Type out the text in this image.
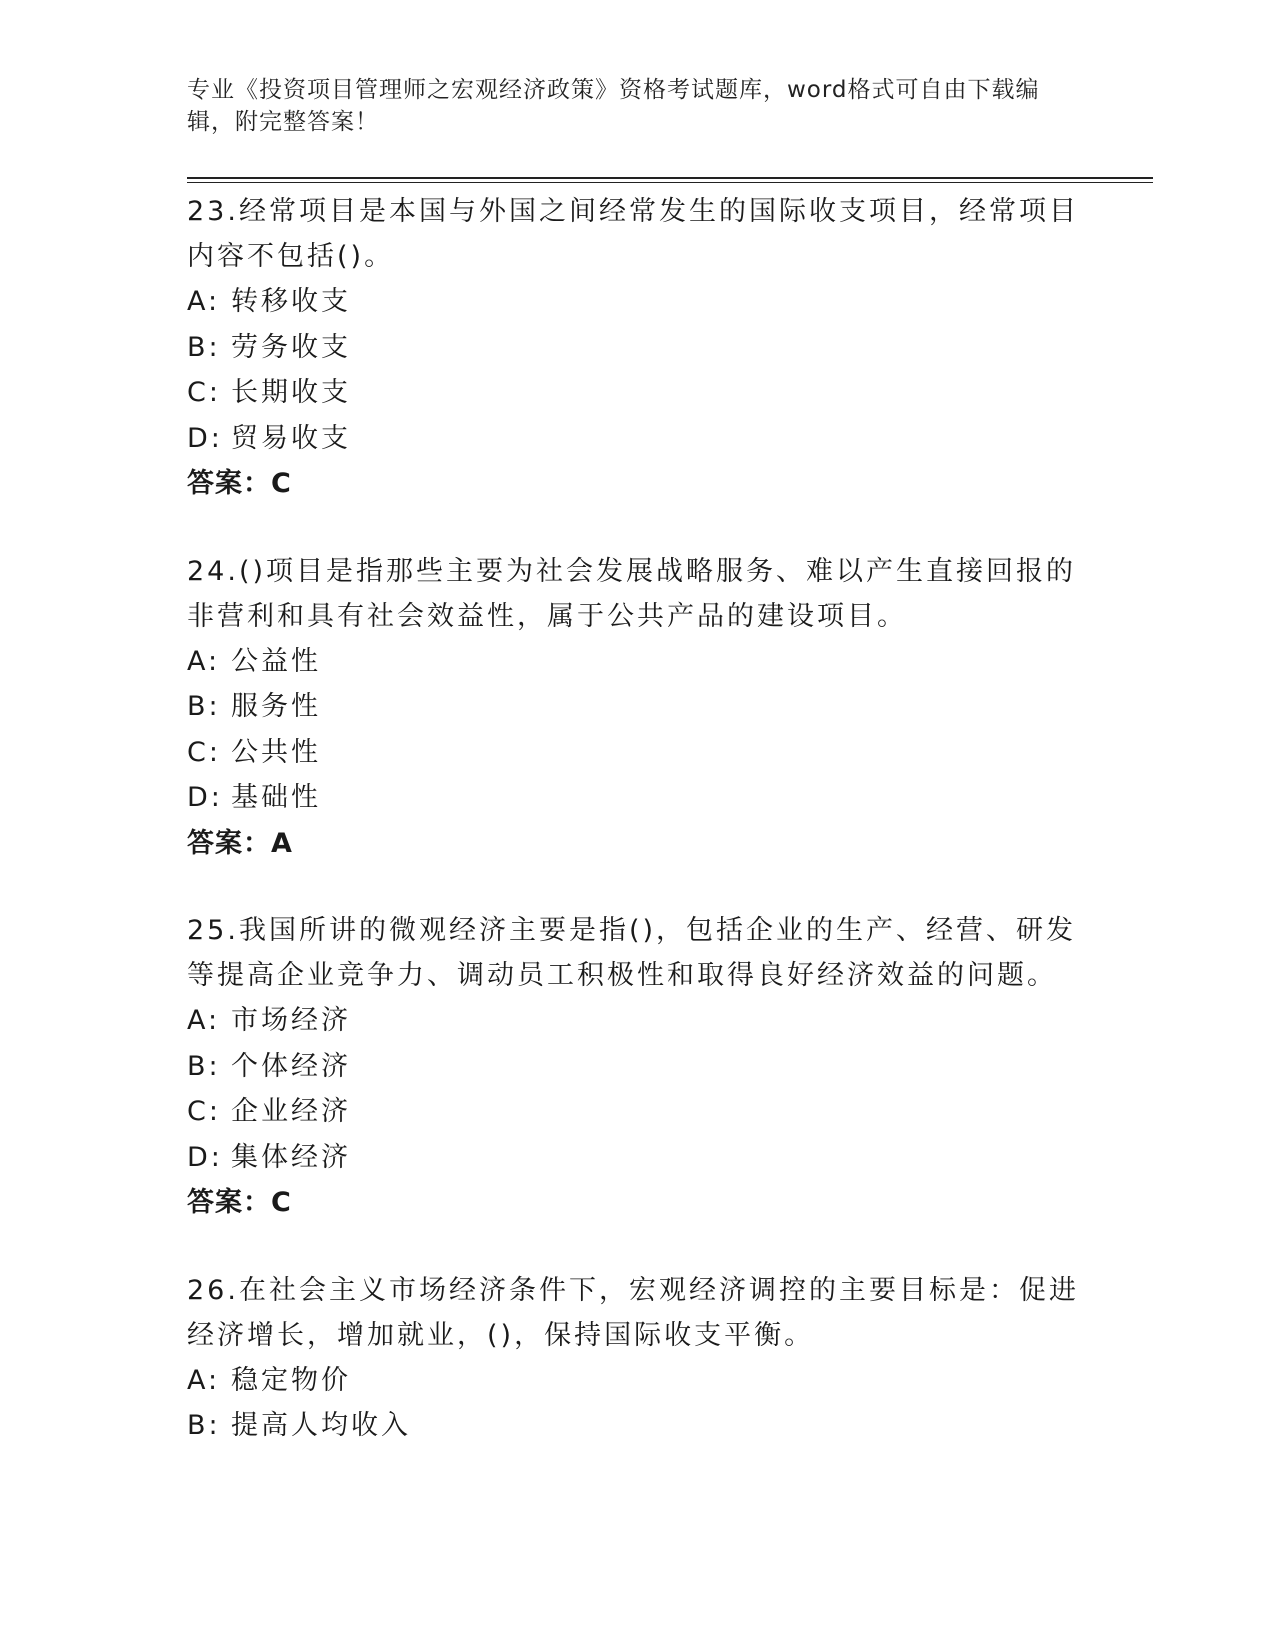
专业《投资项目管理师之宏观经济政策》资格考试题库，word格式可自由下载编辑，附完整答案！
23.经常项目是本国与外国之间经常发生的国际收支项目，经常项目内容不包括()。
A: 转移收支
B: 劳务收支
C: 长期收支
D: 贸易收支
答案：C
24.()项目是指那些主要为社会发展战略服务、难以产生直接回报的非营利和具有社会效益性，属于公共产品的建设项目。
A: 公益性
B: 服务性
C: 公共性
D: 基础性
答案：A
25.我国所讲的微观经济主要是指()，包括企业的生产、经营、研发等提高企业竞争力、调动员工积极性和取得良好经济效益的问题。
A: 市场经济
B: 个体经济
C: 企业经济
D: 集体经济
答案：C
26.在社会主义市场经济条件下，宏观经济调控的主要目标是：促进经济增长，增加就业，()，保持国际收支平衡。
A: 稳定物价
B: 提高人均收入
